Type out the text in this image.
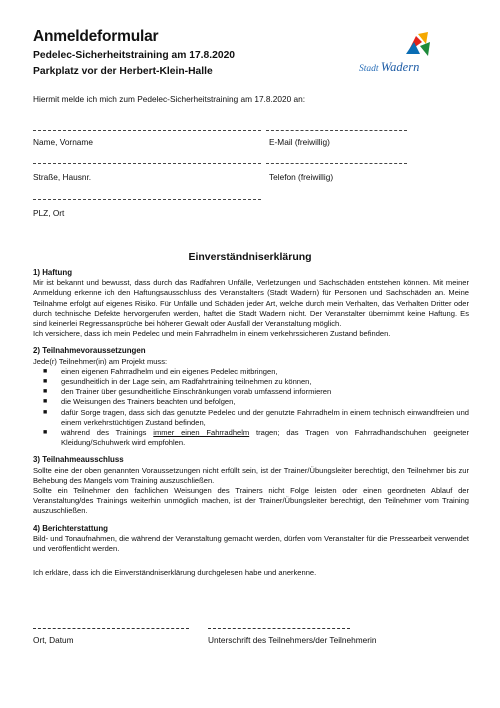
Anmeldeformular
Pedelec-Sicherheitstraining am 17.8.2020
Parkplatz vor der Herbert-Klein-Halle	Stadt Wadern
Hiermit melde ich mich zum Pedelec-Sicherheitstraining am 17.8.2020 an:
Name, Vorname	E-Mail (freiwillig)
Straße, Hausnr.	Telefon (freiwillig)
PLZ, Ort
Einverständniserklärung
1) Haftung

Mir ist bekannt und bewusst, dass durch das Radfahren Unfälle, Verletzungen und Sachschäden entstehen können. Mit meiner Anmeldung erkenne ich den Haftungsausschluss des Veranstalters (Stadt Wadern) für Personen und Sachschäden an. Meine Teilnahme erfolgt auf eigenes Risiko. Für Unfälle und Schäden jeder Art, welche durch mein Verhalten, das Verhalten Dritter oder durch technische Defekte hervorgerufen werden, haftet die Stadt Wadern nicht. Der Veranstalter übernimmt keine Haftung. Es sind keinerlei Regressansprüche bei höherer Gewalt oder Ausfall der Veranstaltung möglich.

Ich versichere, dass ich mein Pedelec und mein Fahrradhelm in einem verkehrssicheren Zustand befinden.

2) Teilnahmevoraussetzungen

Jede(r) Teilnehmer(in) am Projekt muss:

■ einen eigenen Fahrradhelm und ein eigenes Pedelec mitbringen,
■ gesundheitlich in der Lage sein, am Radfahrtraining teilnehmen zu können,
■ den Trainer über gesundheitliche Einschränkungen vorab umfassend informieren
■ die Weisungen des Trainers beachten und befolgen,
■ dafür Sorge tragen, dass sich das genutzte Pedelec und der genutzte Fahrradhelm in einem technisch einwandfreien und einem verkehrstüchtigen Zustand befinden,
■ während des Trainings immer einen Fahrradhelm tragen; das Tragen von Fahrradhandschuhen geeigneter Kleidung/Schuhwerk wird empfohlen.
3) Teilnahmeausschluss

Sollte eine der oben genannten Voraussetzungen nicht erfüllt sein, ist der Trainer/Übungsleiter berechtigt, den Teilnehmer bis zur Behebung des Mangels vom Training auszuschließen.

Sollte ein Teilnehmer den fachlichen Weisungen des Trainers nicht Folge leisten oder einen geordneten Ablauf der Veranstaltung/des Trainings weiterhin unmöglich machen, ist der Trainer/Übungsleiter berechtigt, den Teilnehmer vom Training auszuschließen.

4) Berichterstattung

Bild- und Tonaufnahmen, die während der Veranstaltung gemacht werden, dürfen vom Veranstalter für die Pressearbeit verwendet und veröffentlicht werden.

Ich erkläre, dass ich die Einverständniserklärung durchgelesen habe und anerkenne.

Ort, Datum	Unterschrift des Teilnehmers/der Teilnehmerin
